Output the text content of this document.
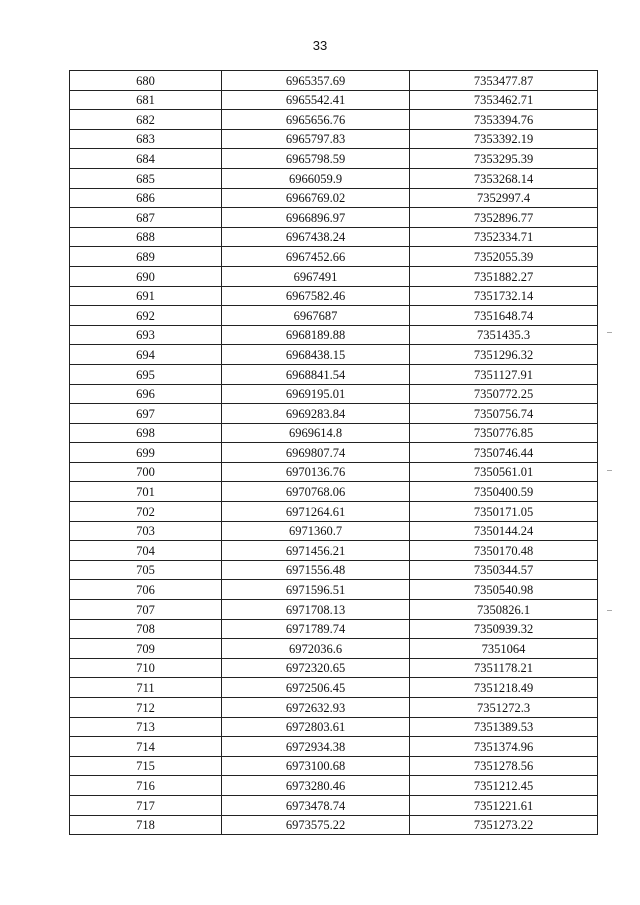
33
680	6965357.69	7353477.87
681	6965542.41	7353462.71
682	6965656.76	7353394.76
683	6965797.83	7353392.19
684	6965798.59	7353295.39
685	6966059.9	7353268.14
686	6966769.02	7352997.4
687	6966896.97	7352896.77
688	6967438.24	7352334.71
689	6967452.66	7352055.39
690	6967491	7351882.27
691	6967582.46	7351732.14
692	6967687	7351648.74
693	6968189.88	7351435.3
694	6968438.15	7351296.32
695	6968841.54	7351127.91
696	6969195.01	7350772.25
697	6969283.84	7350756.74
698	6969614.8	7350776.85
699	6969807.74	7350746.44
700	6970136.76	7350561.01
701	6970768.06	7350400.59
702	6971264.61	7350171.05
703	6971360.7	7350144.24
704	6971456.21	7350170.48
705	6971556.48	7350344.57
706	6971596.51	7350540.98
707	6971708.13	7350826.1
708	6971789.74	7350939.32
709	6972036.6	7351064
710	6972320.65	7351178.21
711	6972506.45	7351218.49
712	6972632.93	7351272.3
713	6972803.61	7351389.53
714	6972934.38	7351374.96
715	6973100.68	7351278.56
716	6973280.46	7351212.45
717	6973478.74	7351221.61
718	6973575.22	7351273.22
